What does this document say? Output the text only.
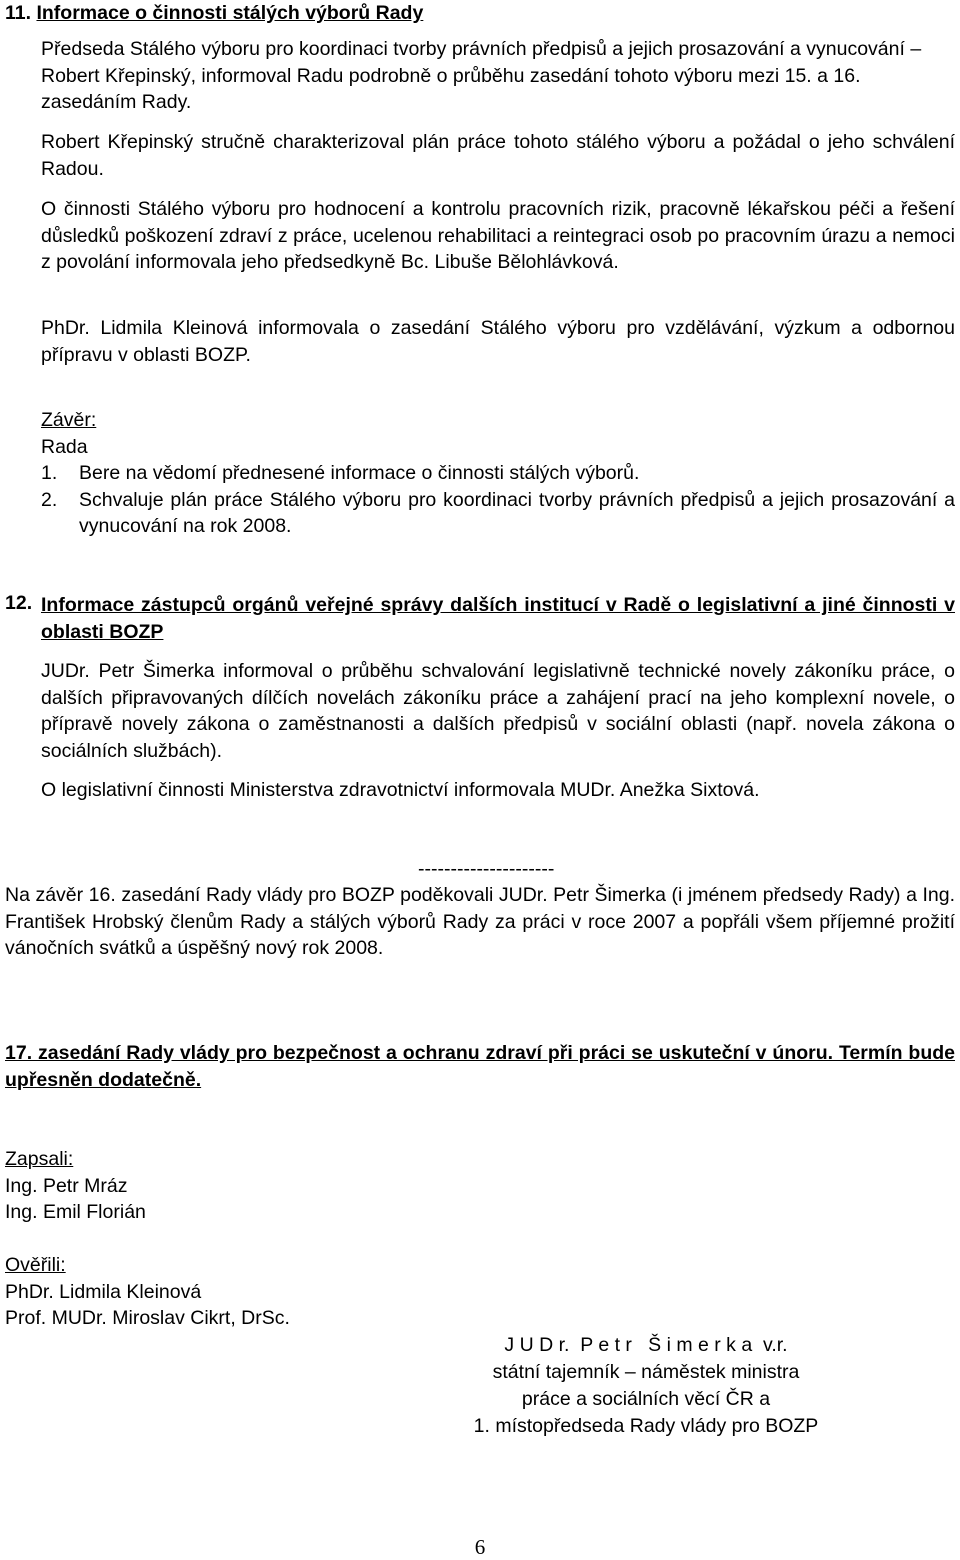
11. Informace o činnosti stálých výborů Rady

Předseda Stálého výboru pro koordinaci tvorby právních předpisů a jejich prosazování a vynucování – Robert Křepinský, informoval Radu podrobně o průběhu zasedání tohoto výboru mezi 15. a 16. zasedáním Rady.

Robert Křepinský stručně charakterizoval plán práce tohoto stálého výboru a požádal o jeho schválení Radou.

O činnosti Stálého výboru pro hodnocení a kontrolu pracovních rizik, pracovně lékařskou péči a řešení důsledků poškození zdraví z práce, ucelenou rehabilitaci a reintegraci osob po pracovním úrazu a nemoci z povolání informovala jeho předsedkyně Bc. Libuše Bělohlávková.

PhDr. Lidmila Kleinová informovala o zasedání Stálého výboru pro vzdělávání, výzkum a odbornou přípravu v oblasti BOZP.

Závěr:
Rada
1. Bere na vědomí přednesené informace o činnosti stálých výborů.
2. Schvaluje plán práce Stálého výboru pro koordinaci tvorby právních předpisů a jejich prosazování a vynucování na rok 2008.
12. Informace zástupců orgánů veřejné správy dalších institucí v Radě o legislativní a jiné činnosti v oblasti BOZP

JUDr. Petr Šimerka informoval o průběhu schvalování legislativně technické novely zákoníku práce, o dalších připravovaných dílčích novelách zákoníku práce a zahájení prací na jeho komplexní novele, o přípravě novely zákona o zaměstnanosti a dalších předpisů v sociální oblasti (např. novela zákona o sociálních službách).

O legislativní činnosti Ministerstva zdravotnictví informovala MUDr. Anežka Sixtová.

---------------------

Na závěr 16. zasedání Rady vlády pro BOZP poděkovali JUDr. Petr Šimerka (i jménem předsedy Rady) a Ing. František Hrobský členům Rady a stálých výborů Rady za práci v roce 2007 a popřáli všem příjemné prožití vánočních svátků a úspěšný nový rok 2008.

17. zasedání Rady vlády pro bezpečnost a ochranu zdraví při práci se uskuteční v únoru. Termín bude upřesněn dodatečně.

Zapsali:
Ing. Petr Mráz
Ing. Emil Florián
Ověřili:
PhDr. Lidmila Kleinová
Prof. MUDr. Miroslav Cikrt, DrSc.
J U D r.  P e t r   Š i m e r k a  v.r.
státní tajemník – náměstek ministra
práce a sociálních věcí ČR a
1. místopředseda Rady vlády pro BOZP
6
